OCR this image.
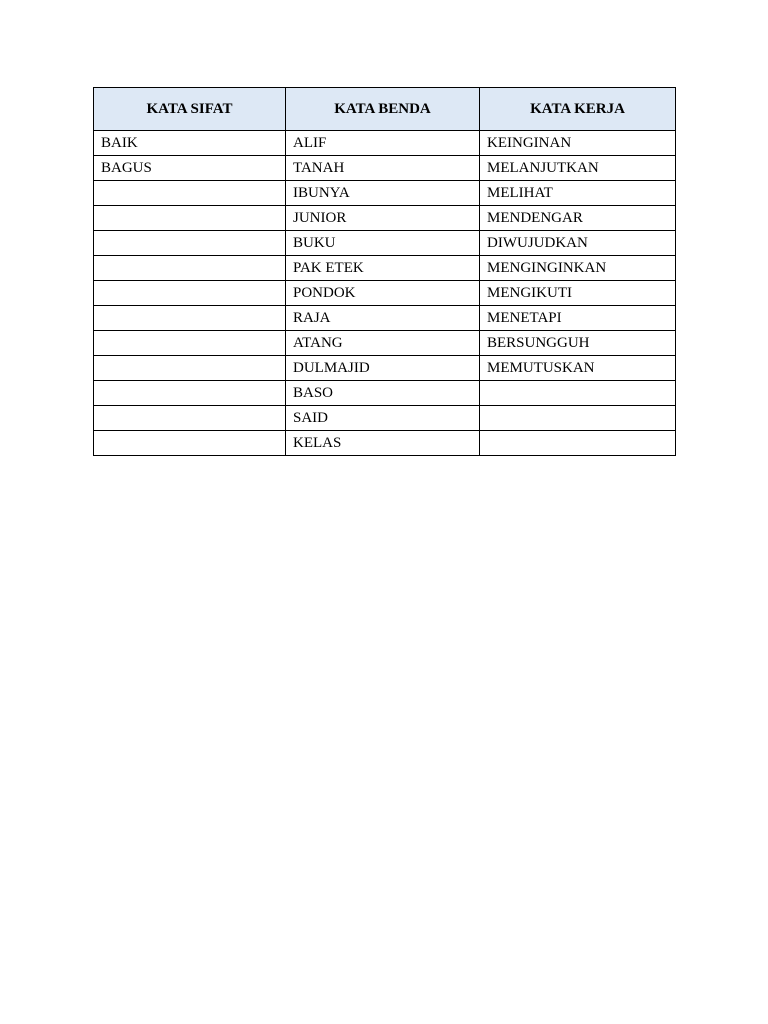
KATA SIFAT	KATA BENDA	KATA KERJA
BAIK	ALIF	KEINGINAN
BAGUS	TANAH	MELANJUTKAN
	IBUNYA	MELIHAT
	JUNIOR	MENDENGAR
	BUKU	DIWUJUDKAN
	PAK ETEK	MENGINGINKAN
	PONDOK	MENGIKUTI
	RAJA	MENETAPI
	ATANG	BERSUNGGUH
	DULMAJID	MEMUTUSKAN
	BASO	
	SAID	
	KELAS	
